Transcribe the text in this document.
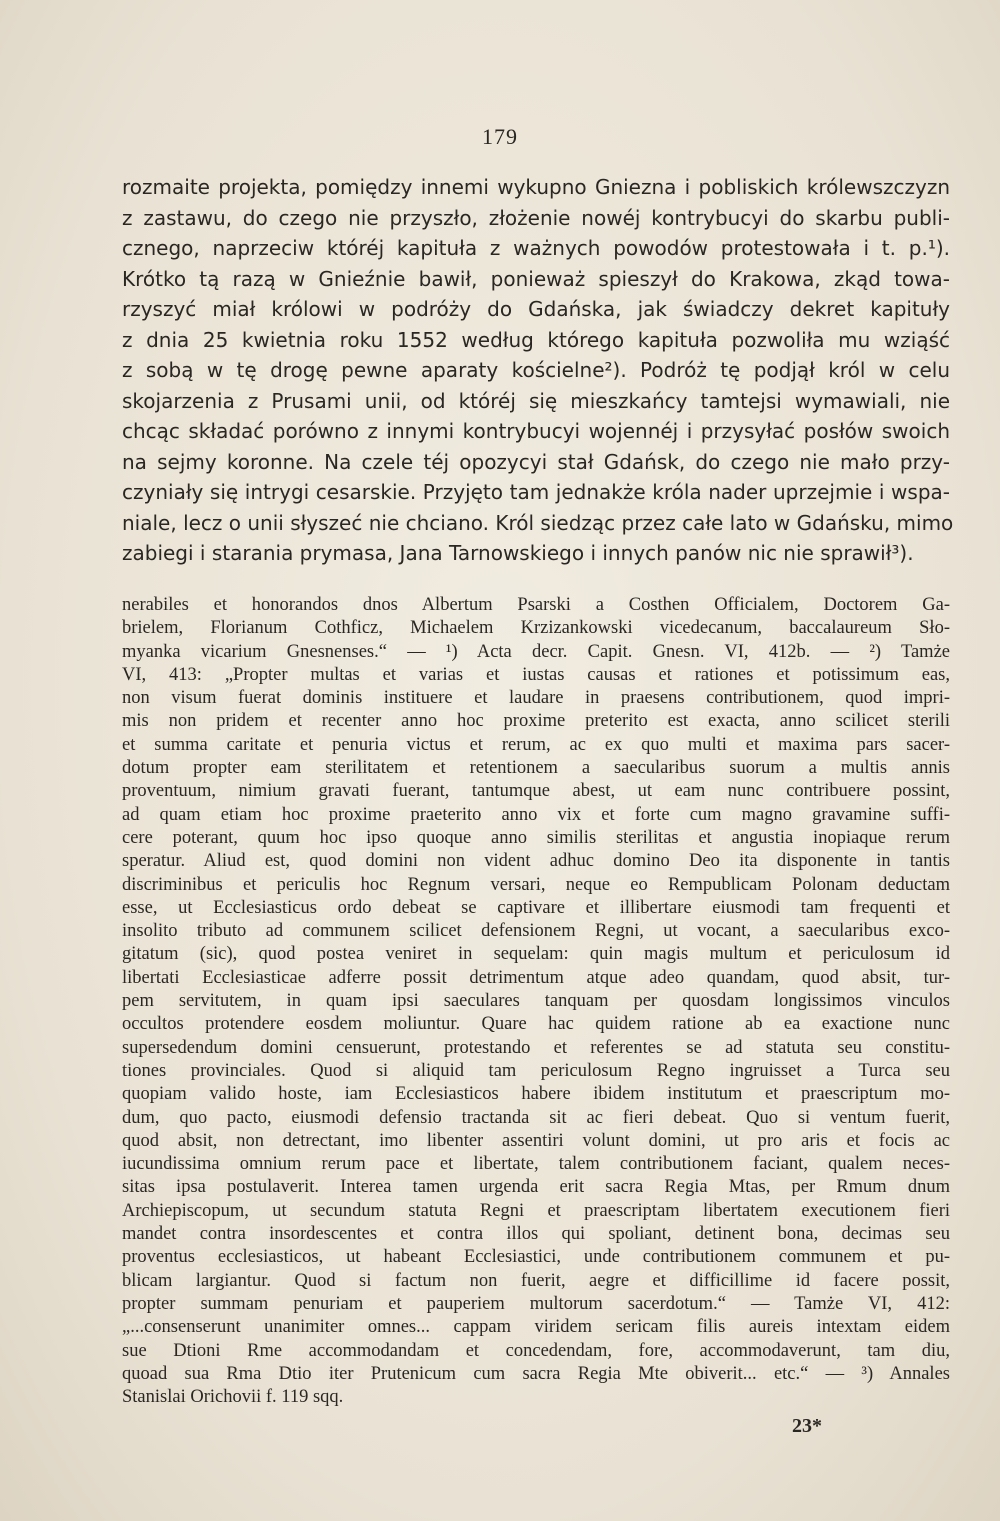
179
rozmaite projekta, pomiędzy innemi wykupno Gniezna i pobliskich królewszczyzn
z zastawu, do czego nie przyszło, złożenie nowéj kontrybucyi do skarbu publi-
cznego, naprzeciw któréj kapituła z ważnych powodów protestowała i t. p.¹).
Krótko tą razą w Gnieźnie bawił, ponieważ spieszył do Krakowa, zkąd towa-
rzyszyć miał królowi w podróży do Gdańska, jak świadczy dekret kapituły
z dnia 25 kwietnia roku 1552 według którego kapituła pozwoliła mu wziąść
z sobą w tę drogę pewne aparaty kościelne²). Podróż tę podjął król w celu
skojarzenia z Prusami unii, od któréj się mieszkańcy tamtejsi wymawiali, nie
chcąc składać porówno z innymi kontrybucyi wojennéj i przysyłać posłów swoich
na sejmy koronne. Na czele téj opozycyi stał Gdańsk, do czego nie mało przy-
czyniały się intrygi cesarskie. Przyjęto tam jednakże króla nader uprzejmie i wspa-
niale, lecz o unii słyszeć nie chciano. Król siedząc przez całe lato w Gdańsku, mimo
zabiegi i starania prymasa, Jana Tarnowskiego i innych panów nic nie sprawił³).
nerabiles et honorandos dnos Albertum Psarski a Costhen Officialem, Doctorem Ga-
brielem, Florianum Cothficz, Michaelem Krzizankowski vicedecanum, baccalaureum Sło-
myanka vicarium Gnesnenses.“ — ¹) Acta decr. Capit. Gnesn. VI, 412b. — ²) Tamże
VI, 413: „Propter multas et varias et iustas causas et rationes et potissimum eas,
non visum fuerat dominis instituere et laudare in praesens contributionem, quod impri-
mis non pridem et recenter anno hoc proxime preterito est exacta, anno scilicet sterili
et summa caritate et penuria victus et rerum, ac ex quo multi et maxima pars sacer-
dotum propter eam sterilitatem et retentionem a saecularibus suorum a multis annis
proventuum, nimium gravati fuerant, tantumque abest, ut eam nunc contribuere possint,
ad quam etiam hoc proxime praeterito anno vix et forte cum magno gravamine suffi-
cere poterant, quum hoc ipso quoque anno similis sterilitas et angustia inopiaque rerum
speratur. Aliud est, quod domini non vident adhuc domino Deo ita disponente in tantis
discriminibus et periculis hoc Regnum versari, neque eo Rempublicam Polonam deductam
esse, ut Ecclesiasticus ordo debeat se captivare et illibertare eiusmodi tam frequenti et
insolito tributo ad communem scilicet defensionem Regni, ut vocant, a saecularibus exco-
gitatum (sic), quod postea veniret in sequelam: quin magis multum et periculosum id
libertati Ecclesiasticae adferre possit detrimentum atque adeo quandam, quod absit, tur-
pem servitutem, in quam ipsi saeculares tanquam per quosdam longissimos vinculos
occultos protendere eosdem moliuntur. Quare hac quidem ratione ab ea exactione nunc
supersedendum domini censuerunt, protestando et referentes se ad statuta seu constitu-
tiones provinciales. Quod si aliquid tam periculosum Regno ingruisset a Turca seu
quopiam valido hoste, iam Ecclesiasticos habere ibidem institutum et praescriptum mo-
dum, quo pacto, eiusmodi defensio tractanda sit ac fieri debeat. Quo si ventum fuerit,
quod absit, non detrectant, imo libenter assentiri volunt domini, ut pro aris et focis ac
iucundissima omnium rerum pace et libertate, talem contributionem faciant, qualem neces-
sitas ipsa postulaverit. Interea tamen urgenda erit sacra Regia Mtas, per Rmum dnum
Archiepiscopum, ut secundum statuta Regni et praescriptam libertatem executionem fieri
mandet contra insordescentes et contra illos qui spoliant, detinent bona, decimas seu
proventus ecclesiasticos, ut habeant Ecclesiastici, unde contributionem communem et pu-
blicam largiantur. Quod si factum non fuerit, aegre et difficillime id facere possit,
propter summam penuriam et pauperiem multorum sacerdotum.“ — Tamże VI, 412:
„...consenserunt unanimiter omnes... cappam viridem sericam filis aureis intextam eidem
sue Dtioni Rme accommodandam et concedendam, fore, accommodaverunt, tam diu,
quoad sua Rma Dtio iter Prutenicum cum sacra Regia Mte obiverit... etc.“ — ³) Annales
Stanislai Orichovii f. 119 sqq.
23*
